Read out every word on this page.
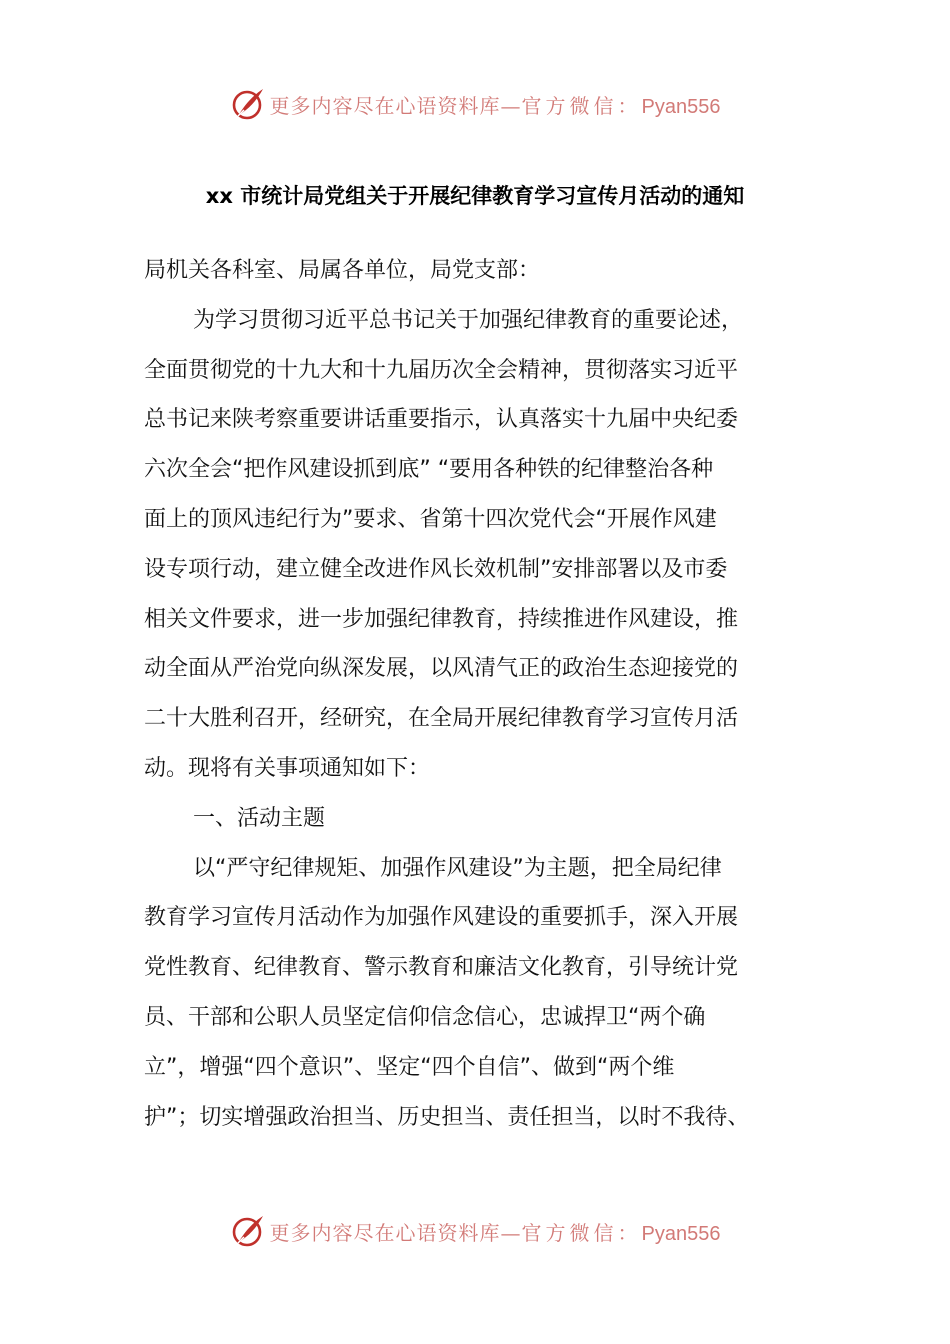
更多内容尽在心语资料库—官方微信：Pyan556
xx 市统计局党组关于开展纪律教育学习宣传月活动的通知
局机关各科室、局属各单位，局党支部：
为学习贯彻习近平总书记关于加强纪律教育的重要论述，
全面贯彻党的十九大和十九届历次全会精神，贯彻落实习近平
总书记来陕考察重要讲话重要指示，认真落实十九届中央纪委
六次全会“把作风建设抓到底” “要用各种铁的纪律整治各种
面上的顶风违纪行为”要求、省第十四次党代会“开展作风建
设专项行动，建立健全改进作风长效机制”安排部署以及市委
相关文件要求，进一步加强纪律教育，持续推进作风建设，推
动全面从严治党向纵深发展，以风清气正的政治生态迎接党的
二十大胜利召开，经研究，在全局开展纪律教育学习宣传月活
动。现将有关事项通知如下：
一、活动主题
以“严守纪律规矩、加强作风建设”为主题，把全局纪律
教育学习宣传月活动作为加强作风建设的重要抓手，深入开展
党性教育、纪律教育、警示教育和廉洁文化教育，引导统计党
员、干部和公职人员坚定信仰信念信心，忠诚捍卫“两个确
立”，增强“四个意识”、坚定“四个自信”、做到“两个维
护”；切实增强政治担当、历史担当、责任担当，以时不我待、
更多内容尽在心语资料库—官方微信：Pyan556
